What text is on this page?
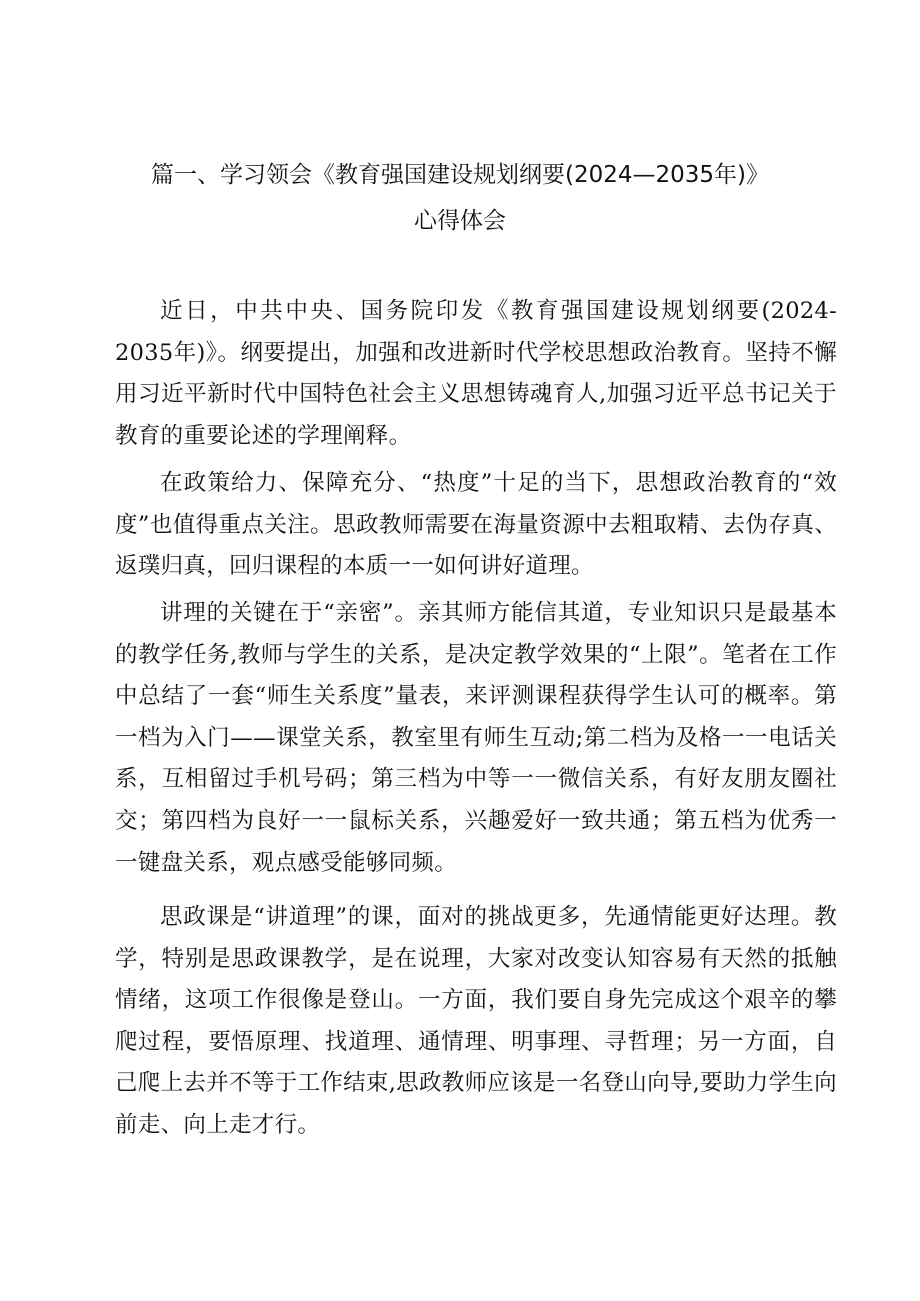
篇一、学习领会《教育强国建设规划纲要(2024—2035年)》
心得体会

近日，中共中央、国务院印发《教育强国建设规划纲要(2024-2035年)》。纲要提出，加强和改进新时代学校思想政治教育。坚持不懈用习近平新时代中国特色社会主义思想铸魂育人,加强习近平总书记关于教育的重要论述的学理阐释。

在政策给力、保障充分、“热度”十足的当下，思想政治教育的“效度”也值得重点关注。思政教师需要在海量资源中去粗取精、去伪存真、返璞归真，回归课程的本质一一如何讲好道理。

讲理的关键在于“亲密”。亲其师方能信其道，专业知识只是最基本的教学任务,教师与学生的关系，是决定教学效果的“上限”。笔者在工作中总结了一套“师生关系度”量表，来评测课程获得学生认可的概率。第一档为入门——课堂关系，教室里有师生互动;第二档为及格一一电话关系，互相留过手机号码；第三档为中等一一微信关系，有好友朋友圈社交；第四档为良好一一鼠标关系，兴趣爱好一致共通；第五档为优秀一一键盘关系，观点感受能够同频。

思政课是“讲道理”的课，面对的挑战更多，先通情能更好达理。教学，特别是思政课教学，是在说理，大家对改变认知容易有天然的抵触情绪，这项工作很像是登山。一方面，我们要自身先完成这个艰辛的攀爬过程，要悟原理、找道理、通情理、明事理、寻哲理；另一方面，自己爬上去并不等于工作结束,思政教师应该是一名登山向导,要助力学生向前走、向上走才行。
